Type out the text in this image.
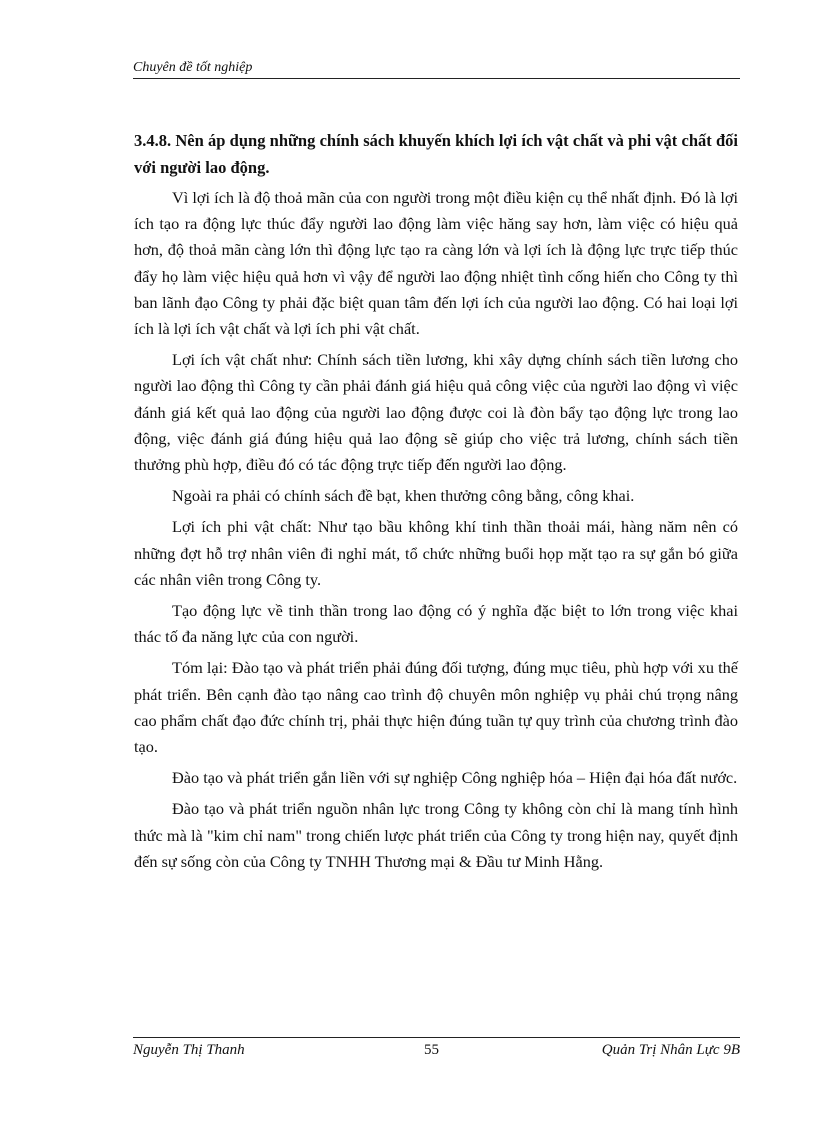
Chuyên đề tốt nghiệp
3.4.8. Nên áp dụng những chính sách khuyến khích lợi ích vật chất và phi vật chất đối với người lao động.

Vì lợi ích là độ thoả mãn của con người trong một điều kiện cụ thể nhất định. Đó là lợi ích tạo ra động lực thúc đẩy người lao động làm việc hăng say hơn, làm việc có hiệu quả hơn, độ thoả mãn càng lớn thì động lực tạo ra càng lớn và lợi ích là động lực trực tiếp thúc đẩy họ làm việc hiệu quả hơn vì vậy để người lao động nhiệt tình cống hiến cho Công ty thì ban lãnh đạo Công ty phải đặc biệt quan tâm đến lợi ích của người lao động. Có hai loại lợi ích là lợi ích vật chất và lợi ích phi vật chất.

Lợi ích vật chất như: Chính sách tiền lương, khi xây dựng chính sách tiền lương cho người lao động thì Công ty cần phải đánh giá hiệu quả công việc của người lao động vì việc đánh giá kết quả lao động của người lao động được coi là đòn bẩy tạo động lực trong lao động, việc đánh giá đúng hiệu quả lao động sẽ giúp cho việc trả lương, chính sách tiền thưởng phù hợp, điều đó có tác động trực tiếp đến người lao động.

Ngoài ra phải có chính sách đề bạt, khen thưởng công bằng, công khai.

Lợi ích phi vật chất: Như tạo bầu không khí tinh thần thoải mái, hàng năm nên có những đợt hỗ trợ nhân viên đi nghỉ mát, tổ chức những buổi họp mặt tạo ra sự gắn bó giữa các nhân viên trong Công ty.

Tạo động lực về tinh thần trong lao động có ý nghĩa đặc biệt to lớn trong việc khai thác tố đa năng lực của con người.

Tóm lại: Đào tạo và phát triển phải đúng đối tượng, đúng mục tiêu, phù hợp với xu thế phát triển. Bên cạnh đào tạo nâng cao trình độ chuyên môn nghiệp vụ phải chú trọng nâng cao phẩm chất đạo đức chính trị, phải thực hiện đúng tuần tự quy trình của chương trình đào tạo.

Đào tạo và phát triển gắn liền với sự nghiệp Công nghiệp hóa – Hiện đại hóa đất nước.

Đào tạo và phát triển nguồn nhân lực trong Công ty không còn chỉ là mang tính hình thức mà là "kim chỉ nam" trong chiến lược phát triển của Công ty trong hiện nay, quyết định đến sự sống còn của Công ty TNHH Thương mại & Đầu tư Minh Hằng.

Nguyễn Thị Thanh	55	Quản Trị Nhân Lực 9B
